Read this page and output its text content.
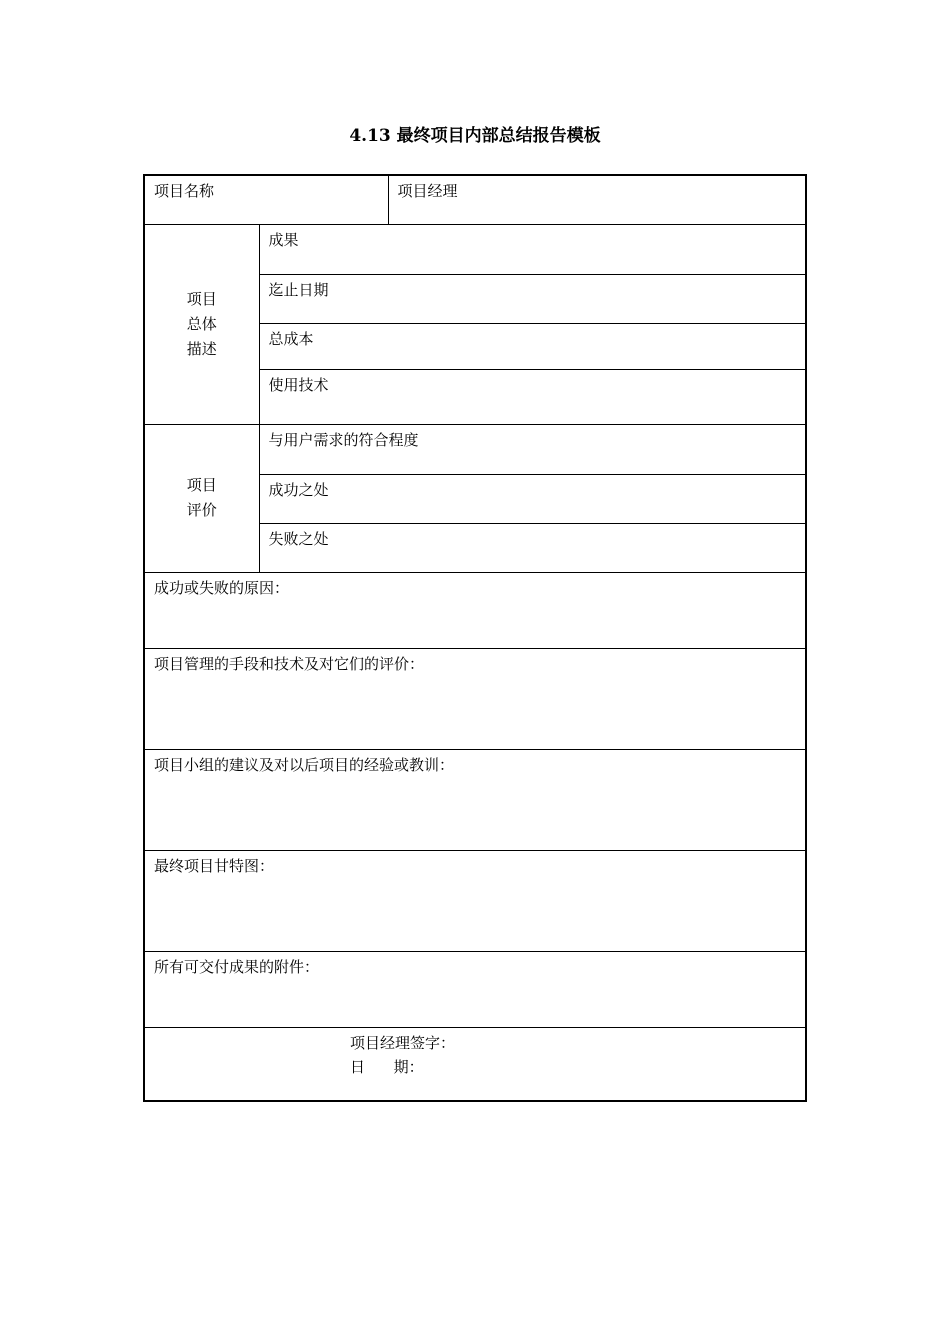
4.13 最终项目内部总结报告模板
项目名称		项目经理

项目
总体
描述	成果	
	迄止日期	
	总成本	
	使用技术	

项目
评价	与用户需求的符合程度	
	成功之处	
	失败之处	
成功或失败的原因：		
项目管理的手段和技术及对它们的评价：		
项目小组的建议及对以后项目的经验或教训：		
最终项目甘特图：		
所有可交付成果的附件：		

项目经理签字：
日      期：		
